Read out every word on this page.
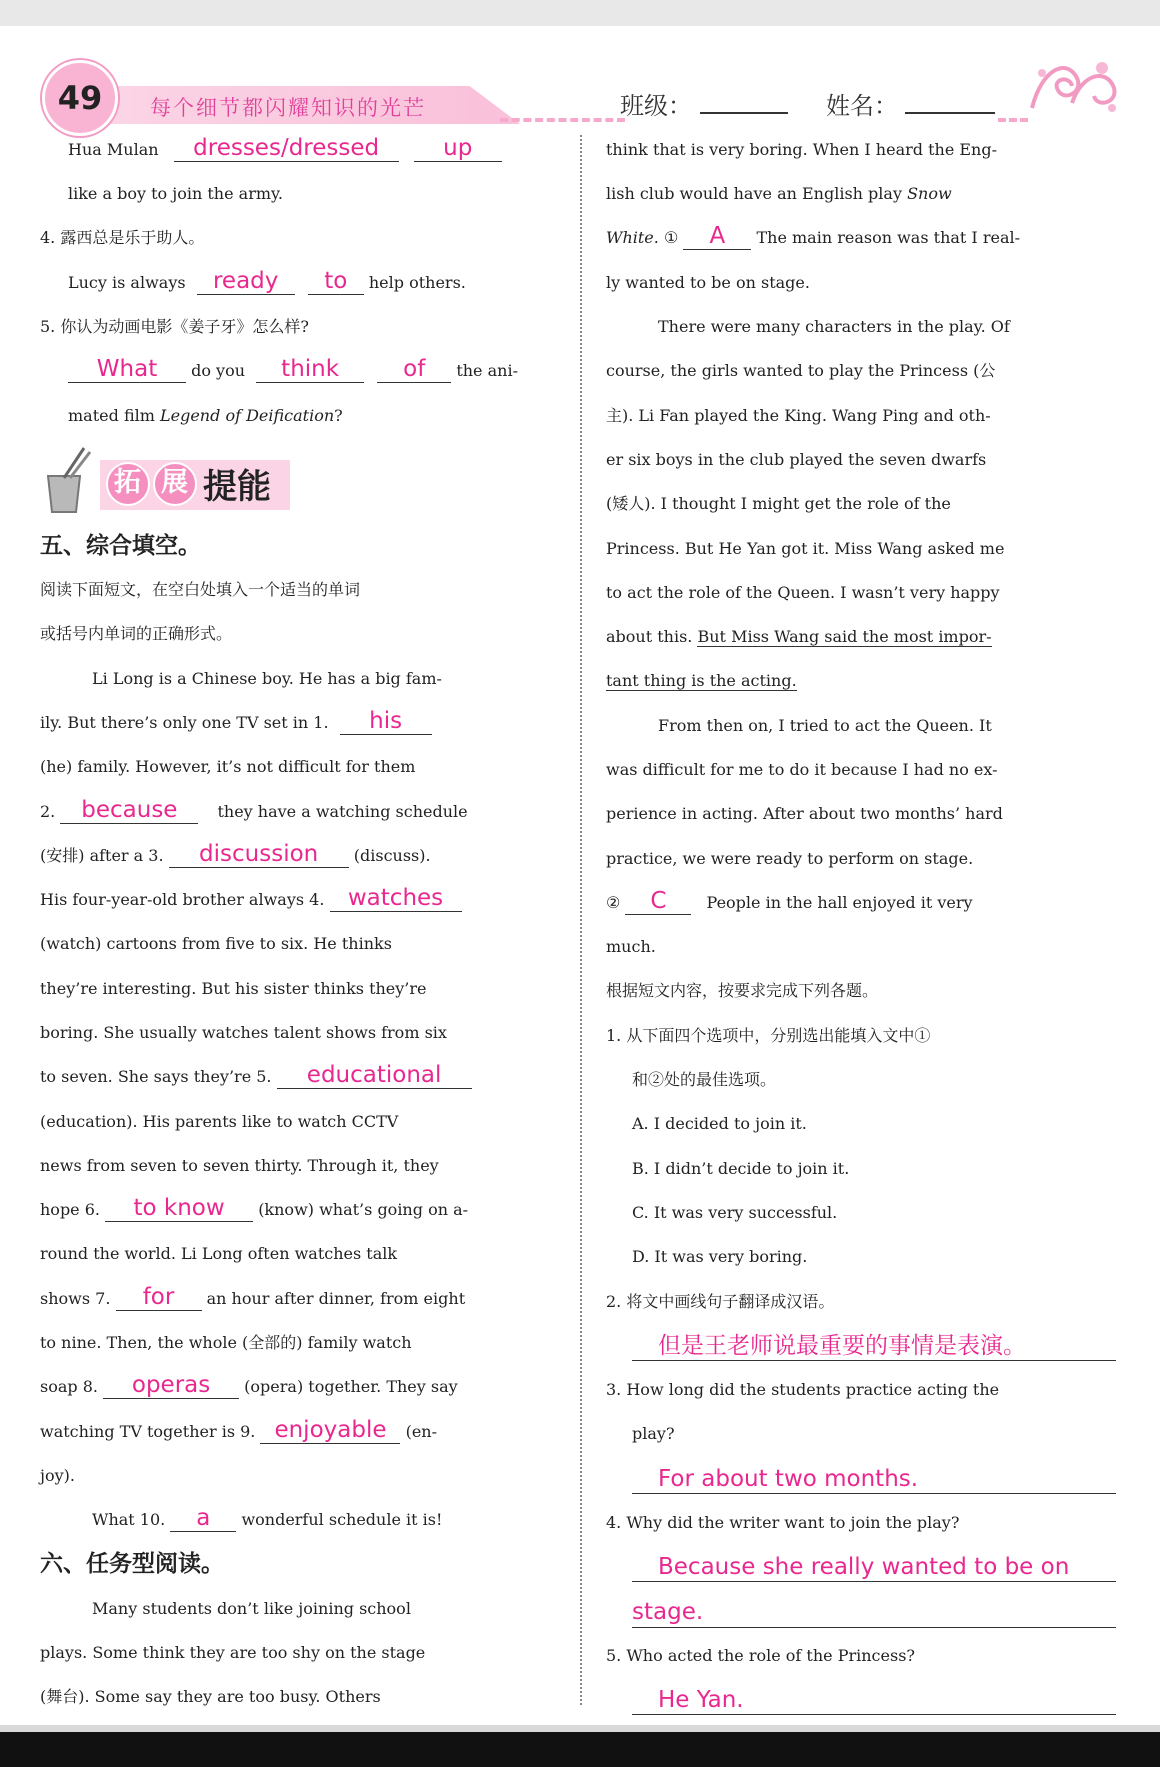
49	每个细节都闪耀知识的光芒	班级：	姓名：
Hua Mulan dresses/dressed	up
like a boy to join the army.
4. 露西总是乐于助人。
Lucy is always ready to help others.
5. 你认为动画电影《姜子牙》怎么样?
What do you think	of the ani-
mated film Legend of Deification?
拓 展 提能
五、综合填空。
阅读下面短文，在空白处填入一个适当的单词
或括号内单词的正确形式。
Li Long is a Chinese boy. He has a big fam-
ily. But there’s only one TV set in 1. his
(he) family. However, it’s not difficult for them
2. because	they have a watching schedule
(安排) after a 3. discussion (discuss).
His four-year-old brother always 4. watches
(watch) cartoons from five to six. He thinks
they’re interesting. But his sister thinks they’re
boring. She usually watches talent shows from six
to seven. She says they’re 5. educational
(education). His parents like to watch CCTV
news from seven to seven thirty. Through it, they
hope 6. to know (know) what’s going on a-
round the world. Li Long often watches talk
shows 7. for an hour after dinner, from eight
to nine. Then, the whole (全部的) family watch
soap 8. operas (opera) together. They say
watching TV together is 9. enjoyable (en-
joy).
What 10. a wonderful schedule it is!
六、任务型阅读。
Many students don’t like joining school
plays. Some think they are too shy on the stage
(舞台). Some say they are too busy. Others
think that is very boring. When I heard the Eng-
lish club would have an English play Snow
White. ① A The main reason was that I real-
ly wanted to be on stage.
There were many characters in the play. Of
course, the girls wanted to play the Princess (公
主). Li Fan played the King. Wang Ping and oth-
er six boys in the club played the seven dwarfs
(矮人). I thought I might get the role of the
Princess. But He Yan got it. Miss Wang asked me
to act the role of the Queen. I wasn’t very happy
about this. But Miss Wang said the most impor-
tant thing is the acting.
From then on, I tried to act the Queen. It
was difficult for me to do it because I had no ex-
perience in acting. After about two months’ hard
practice, we were ready to perform on stage.
② C	People in the hall enjoyed it very
much.
根据短文内容，按要求完成下列各题。
1. 从下面四个选项中，分别选出能填入文中①
和②处的最佳选项。
A. I decided to join it.
B. I didn’t decide to join it.
C. It was very successful.
D. It was very boring.
2. 将文中画线句子翻译成汉语。
但是王老师说最重要的事情是表演。
3. How long did the students practice acting the
play?
For about two months.
4. Why did the writer want to join the play?
Because she really wanted to be on
stage.
5. Who acted the role of the Princess?
He Yan.
